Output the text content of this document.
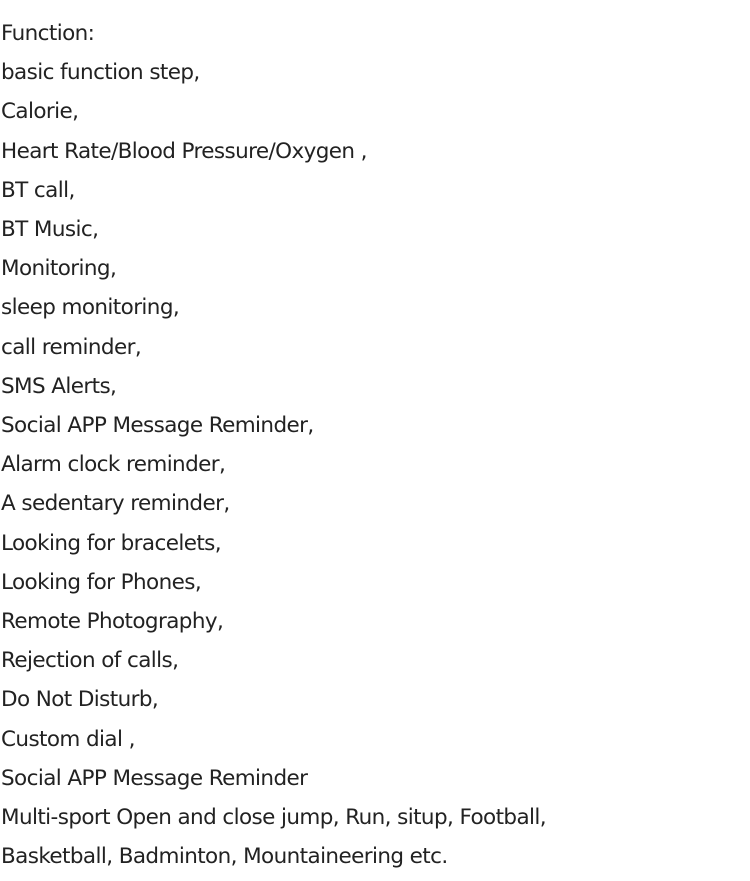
Function:
basic function step,
Calorie,
Heart Rate/Blood Pressure/Oxygen ,
BT call,
BT Music,
Monitoring,
sleep monitoring,
call reminder,
SMS Alerts,
Social APP Message Reminder,
Alarm clock reminder,
A sedentary reminder,
Looking for bracelets,
Looking for Phones,
Remote Photography,
Rejection of calls,
Do Not Disturb,
Custom dial ,
Social APP Message Reminder
Multi-sport Open and close jump, Run, situp, Football,
Basketball, Badminton, Mountaineering etc.
